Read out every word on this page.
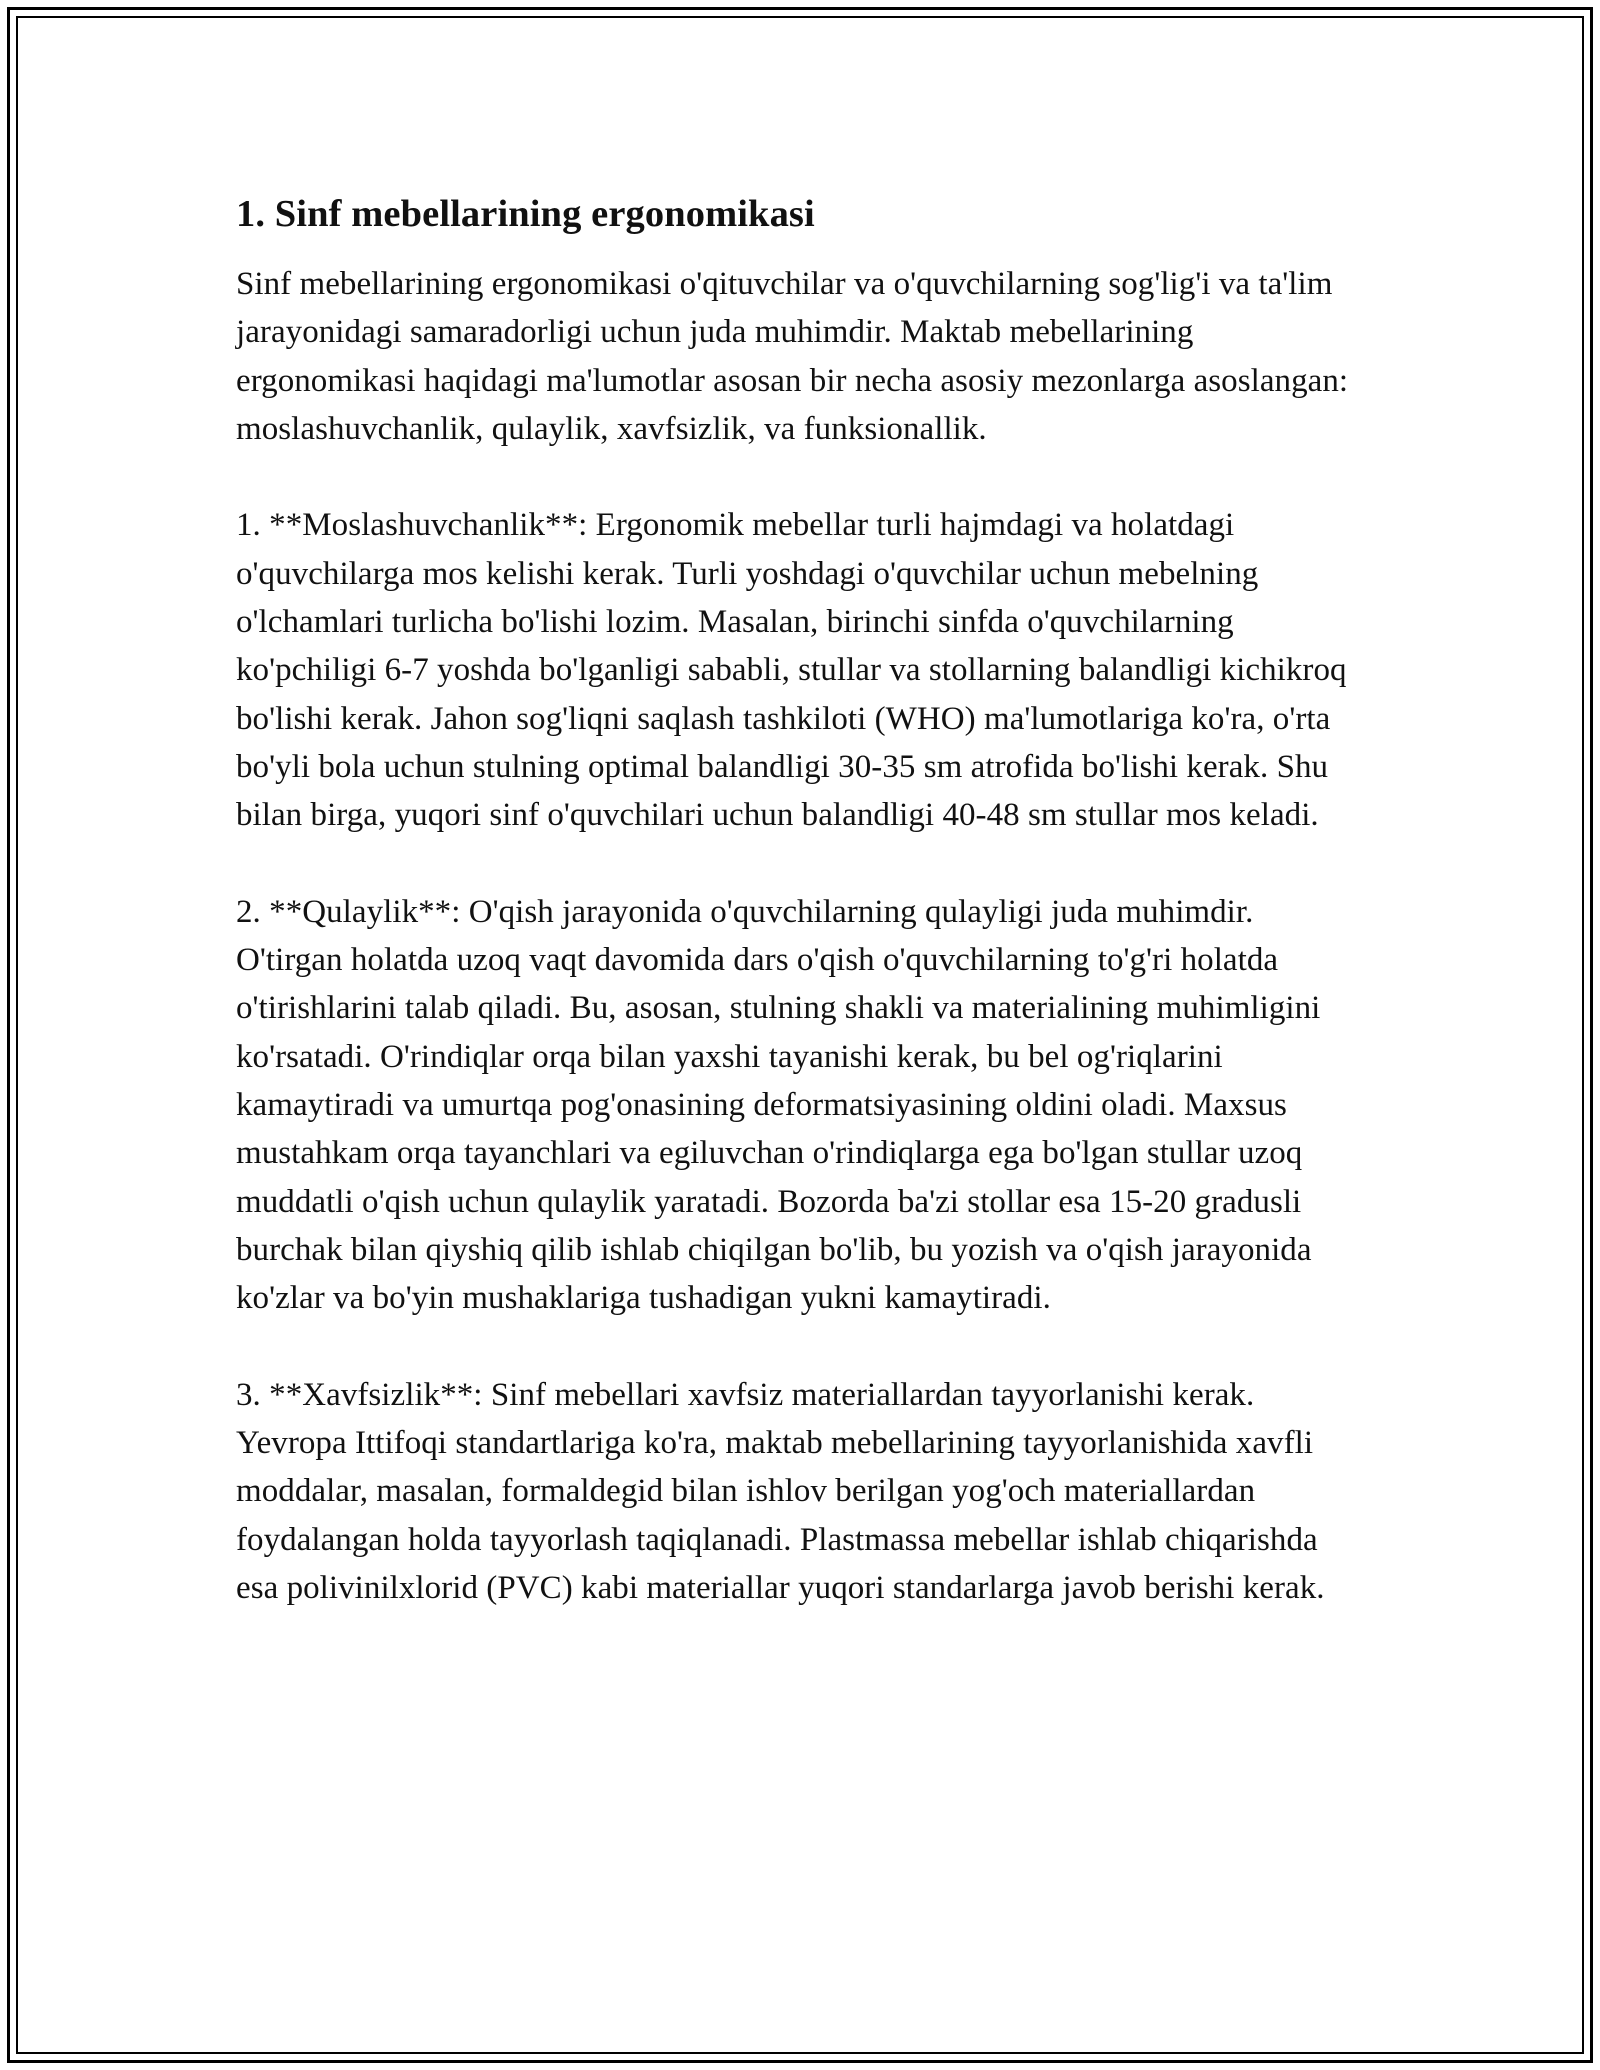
1. Sinf mebellarining ergonomikasi

Sinf mebellarining ergonomikasi o'qituvchilar va o'quvchilarning sog'lig'i va ta'lim jarayonidagi samaradorligi uchun juda muhimdir. Maktab mebellarining ergonomikasi haqidagi ma'lumotlar asosan bir necha asosiy mezonlarga asoslangan: moslashuvchanlik, qulaylik, xavfsizlik, va funksionallik.

1. **Moslashuvchanlik**: Ergonomik mebellar turli hajmdagi va holatdagi o'quvchilarga mos kelishi kerak. Turli yoshdagi o'quvchilar uchun mebelning o'lchamlari turlicha bo'lishi lozim. Masalan, birinchi sinfda o'quvchilarning ko'pchiligi 6-7 yoshda bo'lganligi sababli, stullar va stollarning balandligi kichikroq bo'lishi kerak. Jahon sog'liqni saqlash tashkiloti (WHO) ma'lumotlariga ko'ra, o'rta bo'yli bola uchun stulning optimal balandligi 30-35 sm atrofida bo'lishi kerak. Shu bilan birga, yuqori sinf o'quvchilari uchun balandligi 40-48 sm stullar mos keladi.

2. **Qulaylik**: O'qish jarayonida o'quvchilarning qulayligi juda muhimdir. O'tirgan holatda uzoq vaqt davomida dars o'qish o'quvchilarning to'g'ri holatda o'tirishlarini talab qiladi. Bu, asosan, stulning shakli va materialining muhimligini ko'rsatadi. O'rindiqlar orqa bilan yaxshi tayanishi kerak, bu bel og'riqlarini kamaytiradi va umurtqa pog'onasining deformatsiyasining oldini oladi. Maxsus mustahkam orqa tayanchlari va egiluvchan o'rindiqlarga ega bo'lgan stullar uzoq muddatli o'qish uchun qulaylik yaratadi. Bozorda ba'zi stollar esa 15-20 gradusli burchak bilan qiyshiq qilib ishlab chiqilgan bo'lib, bu yozish va o'qish jarayonida ko'zlar va bo'yin mushaklariga tushadigan yukni kamaytiradi.

3. **Xavfsizlik**: Sinf mebellari xavfsiz materiallardan tayyorlanishi kerak. Yevropa Ittifoqi standartlariga ko'ra, maktab mebellarining tayyorlanishida xavfli moddalar, masalan, formaldegid bilan ishlov berilgan yog'och materiallardan foydalangan holda tayyorlash taqiqlanadi. Plastmassa mebellar ishlab chiqarishda esa polivinilxlorid (PVC) kabi materiallar yuqori standarlarga javob berishi kerak.
